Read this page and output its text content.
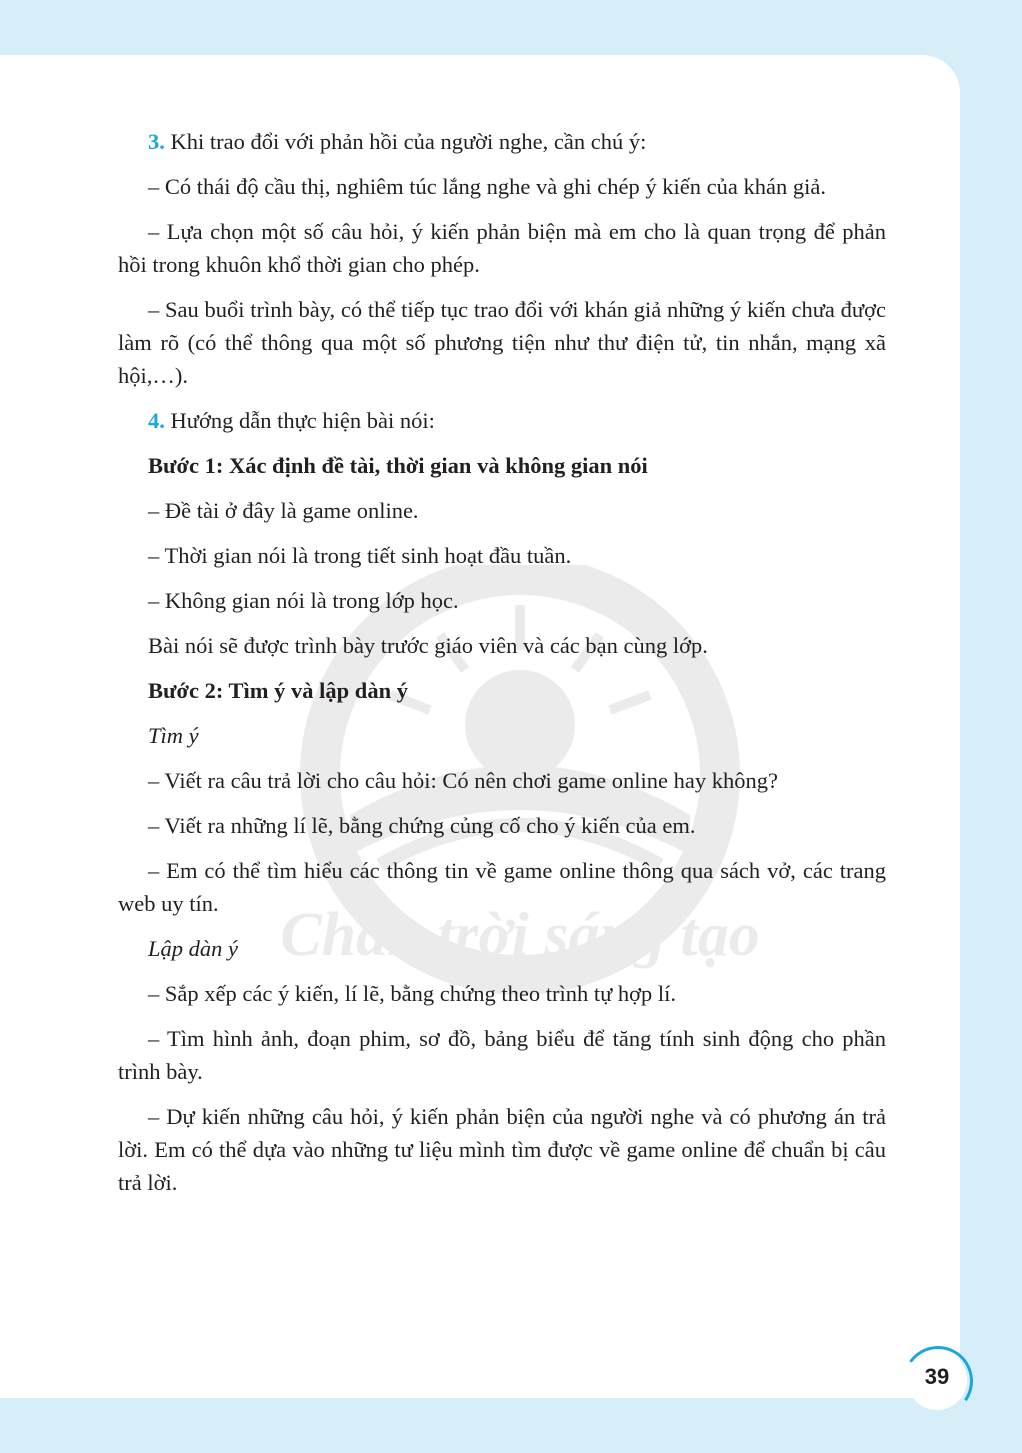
Chân trời sáng tạo
39

3. Khi trao đổi với phản hồi của người nghe, cần chú ý:

– Có thái độ cầu thị, nghiêm túc lắng nghe và ghi chép ý kiến của khán giả.

– Lựa chọn một số câu hỏi, ý kiến phản biện mà em cho là quan trọng để phản hồi trong khuôn khổ thời gian cho phép.

– Sau buổi trình bày, có thể tiếp tục trao đổi với khán giả những ý kiến chưa được làm rõ (có thể thông qua một số phương tiện như thư điện tử, tin nhắn, mạng xã hội,…).

4. Hướng dẫn thực hiện bài nói:

Bước 1: Xác định đề tài, thời gian và không gian nói

– Đề tài ở đây là game online.

– Thời gian nói là trong tiết sinh hoạt đầu tuần.

– Không gian nói là trong lớp học.

Bài nói sẽ được trình bày trước giáo viên và các bạn cùng lớp.

Bước 2: Tìm ý và lập dàn ý

Tìm ý

– Viết ra câu trả lời cho câu hỏi: Có nên chơi game online hay không?

– Viết ra những lí lẽ, bằng chứng củng cố cho ý kiến của em.

– Em có thể tìm hiểu các thông tin về game online thông qua sách vở, các trang web uy tín.

Lập dàn ý

– Sắp xếp các ý kiến, lí lẽ, bằng chứng theo trình tự hợp lí.

– Tìm hình ảnh, đoạn phim, sơ đồ, bảng biểu để tăng tính sinh động cho phần trình bày.

– Dự kiến những câu hỏi, ý kiến phản biện của người nghe và có phương án trả lời. Em có thể dựa vào những tư liệu mình tìm được về game online để chuẩn bị câu trả lời.
